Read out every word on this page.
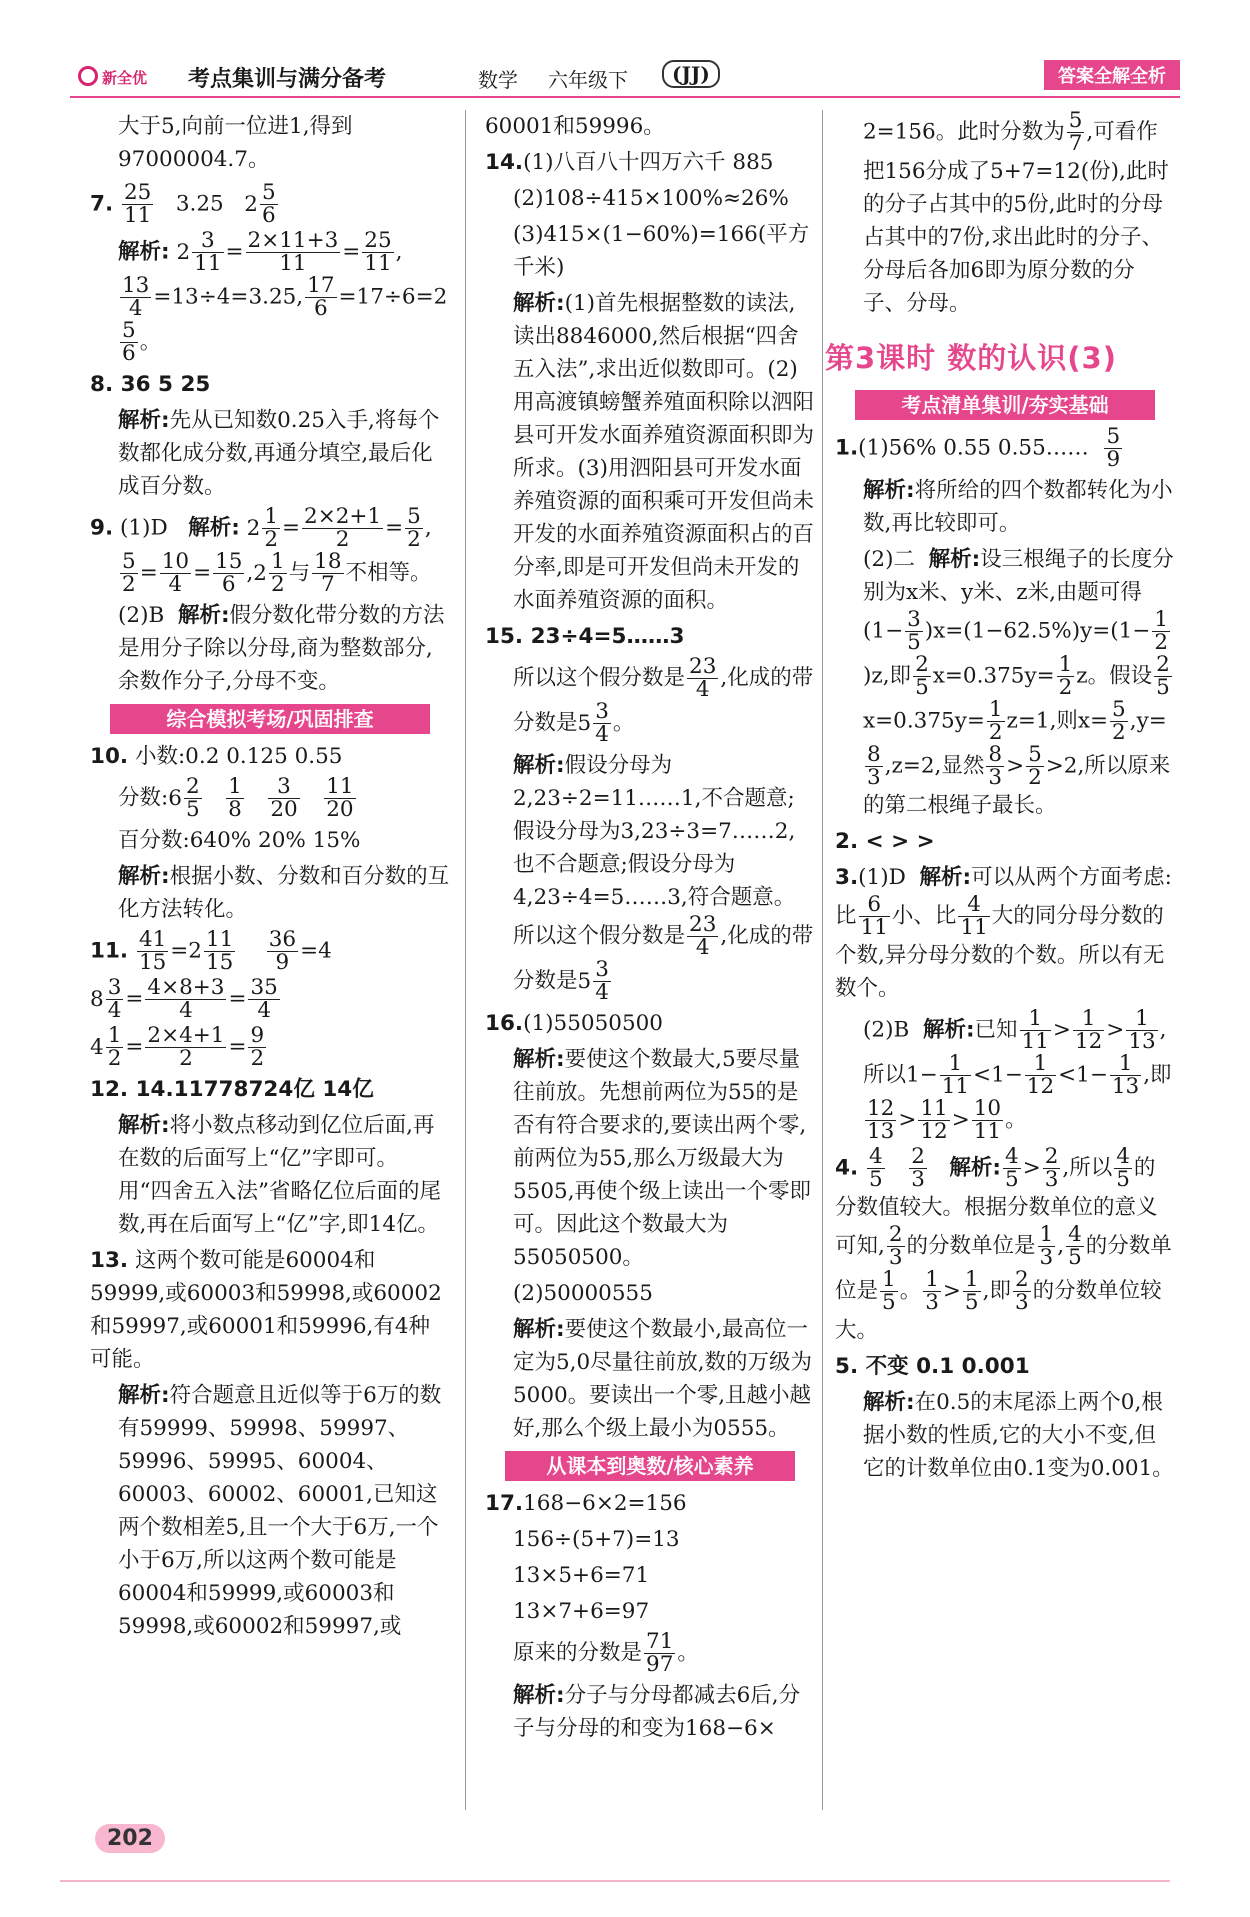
新全优 考点集训与满分备考	数学 六年级下	(JJ)	答案全解全析

大于5,向前一位进1,得到97000004.7。

7. $\frac{25}{11} 3.25$ $2 \frac{5}{6}$
解析: $2 \frac{3}{11} = \frac{2\times 11+3}{11} = \frac{25}{11}$ ,

$\frac{13}{4} =13\div 4=3.25$, $\frac{17}{6} =17\div 6=2$
$\frac{5}{6}$ 。
8. 36 5 25
解析:先从已知数0.25入手,将每个数都化成分数,再通分填空,最后化成百分数。
9. (1)D 解析: $2 \frac{1}{2} = \frac{2\times 2+1}{2} = \frac{5}{2}$ ,

$\frac{5}{2} = \frac{10}{4} = \frac{15}{6} ,2 \frac{1}{2}$ 与 $\frac{18}{7}$ 不相等。
(2)B 解析:假分数化带分数的方法是用分子除以分母,商为整数部分,余数作分子,分母不变。
综合模拟考场/巩固排查
10. 小数:0.2 0.125 0.55
分数:6 $\frac{2}{5}$
$\frac{1}{8}$
$\frac{3}{20}$
$\frac{11}{20}$
百分数:640% 20% 15%
解析:根据小数、分数和百分数的互化方法转化。
11. $\frac{41}{15} =2 \frac{11}{15}$
$\frac{36}{9} =4$
$8 \frac{3}{4} = \frac{4\times 8+3}{4} = \frac{35}{4}$
$4 \frac{1}{2} = \frac{2\times 4+1}{2} = \frac{9}{2}$
12. 14.11778724亿 14亿
解析:将小数点移动到亿位后面,再在数的后面写上“亿”字即可。用“四舍五入法”省略亿位后面的尾数,再在后面写上“亿”字,即14亿。
13. 这两个数可能是60004和59999,或60003和59998,或60002和59997,或60001和59996,有4种可能。
解析:符合题意且近似等于6万的数有59999、59998、59997、59996、59995、60004、60003、60002、60001,已知这两个数相差5,且一个大于6万,一个小于6万,所以这两个数可能是60004和59999,或60003和59998,或60002和59997,或

60001和59996。

14.(1)八百八十四万六千 885
(2)108÷415×100%≈26%
(3)415×(1−60%)=166(平方千米)
解析:(1)首先根据整数的读法,读出8846000,然后根据“四舍五入法”,求出近似数即可。(2)用高渡镇螃蟹养殖面积除以泗阳县可开发水面养殖资源面积即为所求。(3)用泗阳县可开发水面养殖资源的面积乘可开发但尚未开发的水面养殖资源面积占的百分率,即是可开发但尚未开发的水面养殖资源的面积。
15. 23÷4=5……3
所以这个假分数是 $\frac{23}{4}$ ,化成的带分数是$5 \frac{3}{4}$ 。
解析:假设分母为2,23÷2=11……1,不合题意;假设分母为3,23÷3=7……2,也不合题意;假设分母为4,23÷4=5……3,符合题意。所以这个假分数是 $\frac{23}{4}$ ,化成的带分数是$5 \frac{3}{4}$
16.(1)55050500
解析:要使这个数最大,5要尽量往前放。先想前两位为55的是否有符合要求的,要读出两个零,前两位为55,那么万级最大为5505,再使个级上读出一个零即可。因此这个数最大为55050500。
(2)50000555
解析:要使这个数最小,最高位一定为5,0尽量往前放,数的万级为5000。要读出一个零,且越小越好,那么个级上最小为0555。
从课本到奥数/核心素养
17.168−6×2=156
156÷(5+7)=13
13×5+6=71
13×7+6=97
原来的分数是 $\frac{71}{97}$ 。
解析:分子与分母都减去6后,分子与分母的和变为168−6×
2=156。此时分数为 $\frac{5}{7}$ ,可看作把156分成了5+7=12(份),此时的分子占其中的5份,此时的分母占其中的7份,求出此时的分子、分母后各加6即为原分数的分子、分母。
第3课时 数的认识(3)
考点清单集训/夯实基础
1.(1)56% 0.55 0.55…… $\frac{5}{9}$
解析:将所给的四个数都转化为小数,再比较即可。
(2)二 解析:设三根绳子的长度分别为x米、y米、z米,由题可得$(1- \frac{3}{5} )x=(1-62.5\%)y=(1- \frac{1}{2}$
)z,即 $\frac{2}{5} x=0.375y= \frac{1}{2}$ z。假设 $\frac{2}{5}$
$x=0.375y= \frac{1}{2} z=1$,则$x= \frac{5}{2} ,y=$
$\frac{8}{3} ,z=2$,显然 $\frac{8}{3} > \frac{5}{2} >2$,所以原来的第二根绳子最长。
2. < > >
3.(1)D 解析:可以从两个方面考虑:比 $\frac{6}{11}$ 小、比 $\frac{4}{11}$ 大的同分母分数的个数,异分母分数的个数。所以有无数个。
(2)B 解析:已知 $\frac{1}{11} > \frac{1}{12} > \frac{1}{13}$ ,所以$1- \frac{1}{11} <1- \frac{1}{12} <1- \frac{1}{13}$ ,即
$\frac{12}{13} > \frac{11}{12} > \frac{10}{11}$ 。
4. $\frac{4}{5}$
$\frac{2}{3}$ 解析: $\frac{4}{5} > \frac{2}{3}$ ,所以 $\frac{4}{5}$ 的分数值较大。根据分数单位的意义可知, $\frac{2}{3}$ 的分数单位是 $\frac{1}{3}$ , $\frac{4}{5}$ 的分数单位是 $\frac{1}{5}$ 。 $\frac{1}{3} > \frac{1}{5}$ ,即 $\frac{2}{3}$ 的分数单位较大。
5. 不变 0.1 0.001
解析:在0.5的末尾添上两个0,根据小数的性质,它的大小不变,但它的计数单位由0.1变为0.001。
202
